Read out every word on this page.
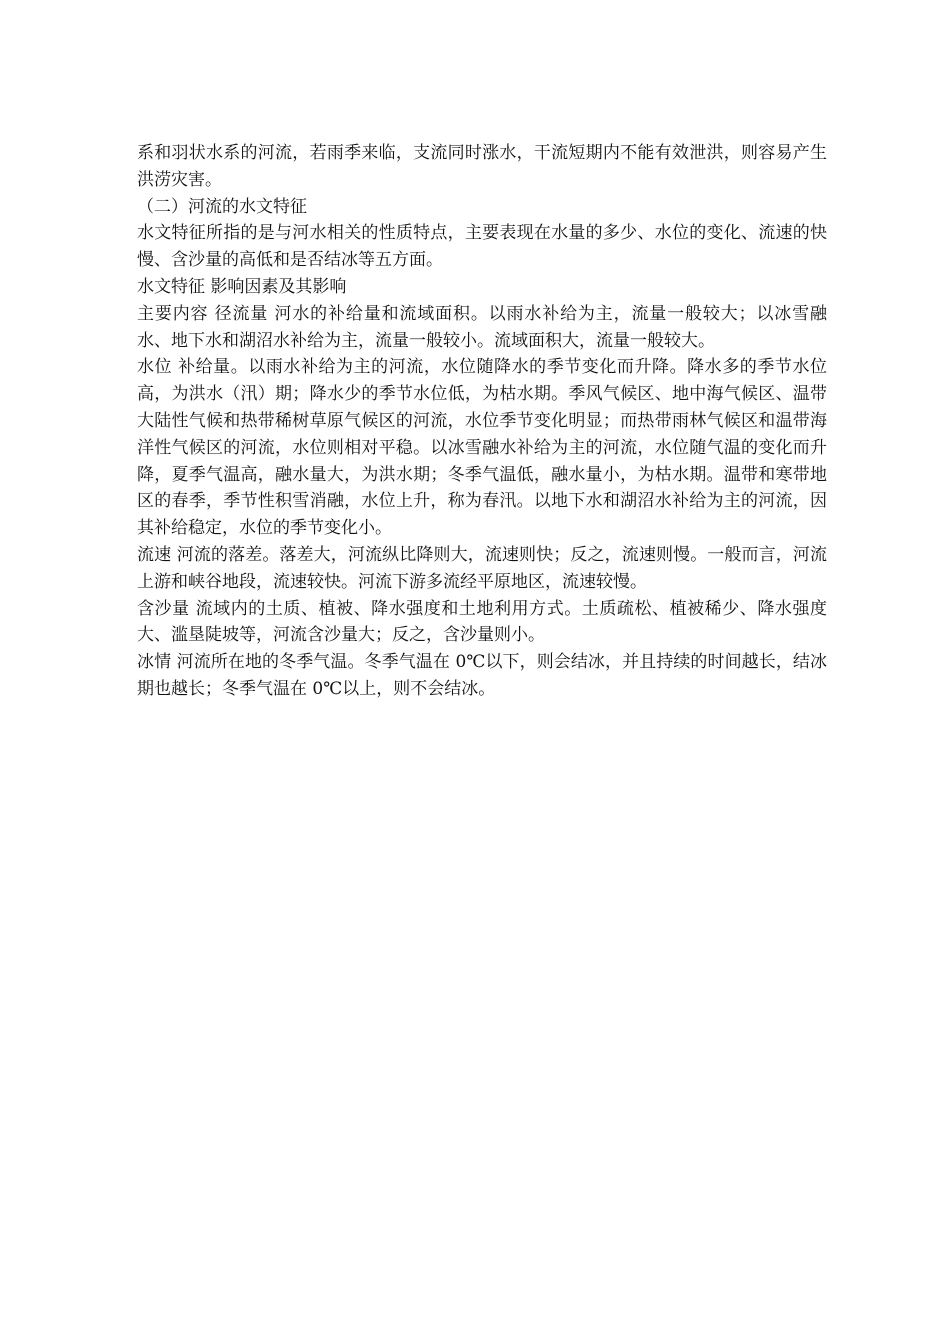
系和羽状水系的河流，若雨季来临，支流同时涨水，干流短期内不能有效泄洪，则容易产生洪涝灾害。

（二）河流的水文特征

水文特征所指的是与河水相关的性质特点，主要表现在水量的多少、水位的变化、流速的快慢、含沙量的高低和是否结冰等五方面。

水文特征 影响因素及其影响

主要内容 径流量 河水的补给量和流域面积。以雨水补给为主，流量一般较大；以冰雪融水、地下水和湖沼水补给为主，流量一般较小。流域面积大，流量一般较大。

水位 补给量。以雨水补给为主的河流，水位随降水的季节变化而升降。降水多的季节水位高，为洪水（汛）期；降水少的季节水位低，为枯水期。季风气候区、地中海气候区、温带大陆性气候和热带稀树草原气候区的河流，水位季节变化明显；而热带雨林气候区和温带海洋性气候区的河流，水位则相对平稳。以冰雪融水补给为主的河流，水位随气温的变化而升降，夏季气温高，融水量大，为洪水期；冬季气温低，融水量小，为枯水期。温带和寒带地区的春季，季节性积雪消融，水位上升，称为春汛。以地下水和湖沼水补给为主的河流，因其补给稳定，水位的季节变化小。

流速 河流的落差。落差大，河流纵比降则大，流速则快；反之，流速则慢。一般而言，河流上游和峡谷地段，流速较快。河流下游多流经平原地区，流速较慢。

含沙量 流域内的土质、植被、降水强度和土地利用方式。土质疏松、植被稀少、降水强度大、滥垦陡坡等，河流含沙量大；反之，含沙量则小。

冰情 河流所在地的冬季气温。冬季气温在 0℃以下，则会结冰，并且持续的时间越长，结冰期也越长；冬季气温在 0℃以上，则不会结冰。
